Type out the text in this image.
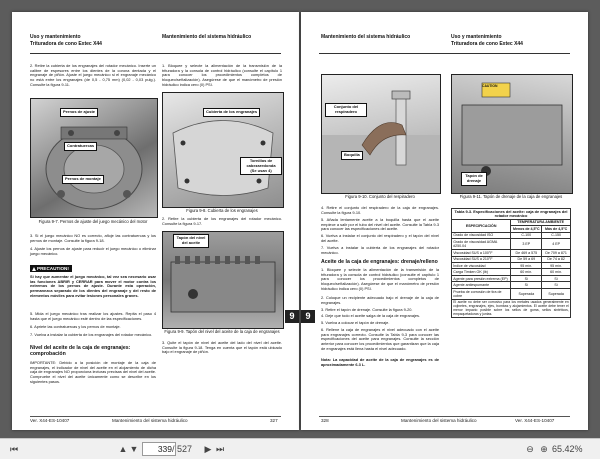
Uso y mantenimiento
Trituradora de cono Extec X44
Mantenimiento del sistema hidráulico
2. Retire la cubierta de los engranajes del rotador mecánico. Inserte un calibre de espesores entre los dientes de la corona dentada y el engranaje de piñón. Ajuste el juego mecánico si el engranaje mecánico no está entre los engranajes (de 0,5 - 0,75 mm) (0,02 - 0,03 pulg.). Consulte la figura 9-11.
Pernos de ajuste
Contratuercas
Pernos de montaje
Figura 9-7. Pernos de ajuste del juego mecánico del motor
3. Si el juego mecánico NO es correcto, afloje las contratuercas y los pernos de montaje. Consulte la figura 9-18.
4. Ajuste los pernos de ajuste para reducir el juego mecánico o eliminar juego mecánico.
PRECAUTION!
Si hay que aumentar el juego mecánico, tal vez sea necesario usar las funciones ABRIR y CERRAR para mover el motor contra los extremos de los pernos de ajuste. Durante esta operación, permanezca separado de los dientes del engranaje y del resto de elementos móviles para evitar lesiones personales graves.
5. Mida el juego mecánico tras realizar los ajustes. Repita el paso 4 hasta que el juego mecánico esté dentro de las especificaciones.
6. Apriete las contratuercas y los pernos de montaje.
7. Vuelva a instalar la cubierta de los engranajes del rotador mecánico.
Nivel del aceite de la caja de engranajes: comprobación
IMPORTANTE: Debido a la posición de montaje de la caja de engranajes, el indicador de nivel del aceite en el alojamiento de dicha caja de engranajes NO proporciona lecturas precisas del nivel del aceite. Compruebe el nivel del aceite únicamente como se describe en los siguientes pasos.
1. Bloquee y selecte la alimentación de la transmisión de la trituradora y la consola de control hidráulico (consulte el capítulo 1 para conocer los procedimientos completos de bloqueo/señalización). Asegúrese de que el manómetro de presión hidráulico indica cero (0) PSI.
Cubierta de los engranajes
Tornillos de cabezaredonda (Se usan 4)
Figura 9-8. Cubierta de los engranajes
2. Retire la cubierta de los engranajes del rotador mecánico. Consulte la figura 9-17.
Tapón del nivel del aceite
Figura 9-9. Tapón del nivel del aceite de la caja de engranajes
3. Quite el tapón de nivel del aceite del lado del nivel del aceite. Consulte la figura 9-18. Tenga en cuenta que el tapón está ubicado bajo el engranaje de piñón.
Ver. X44-ES-10407	Mantenimiento del sistema hidráulico	327
9
Mantenimiento del sistema hidráulico	Uso y mantenimiento
Trituradora de cono Extec X44
9
Conjunto del respiradero
Boquilla
Figura 9-10. Conjunto del respiradero
CAUTION
Tapón de drenaje
Figura 9-11. Tapón de drenaje de la caja de engranajes
4. Retire el conjunto del respiradero de la caja de engranajes. Consulte la figura 9-10.
5. Añada lentamente aceite a la boquilla hasta que el aceite empiece a salir por el tubo del nivel del aceite. Consulte la Tabla 9-3 para conocer las especificaciones del aceite.
6. Vuelva a instalar el conjunto del respiradero y el tapón del nivel del aceite.
7. Vuelva a instalar la cubierta de los engranajes del rotador mecánico.
Aceite de la caja de engranajes: drenaje/relleno
1. Bloquee y selecte la alimentación de la transmisión de la trituradora y la consola de control hidráulico (consulte el capítulo 1 para conocer los procedimientos completos de bloqueo/señalización). Asegúrese de que el manómetro de presión hidráulico indica cero (0) PSI.
2. Coloque un recipiente adecuado bajo el drenaje de la caja de engranajes.
3. Retire el tapón de drenaje. Consulte la figura 9-20.
4. Deje que todo el aceite salga de la caja de engranajes.
5. Vuelva a colocar el tapón de drenaje.
6. Rellene la caja de engranajes el nivel adecuado con el aceite para engranajes correcto. Consulte la Tabla 9-3 para conocer las especificaciones del aceite para engranajes. Consulte la sección anterior para conocer los procedimientos que garantizan que la caja de engranajes está llena hasta el nivel adecuado.
Nota: La capacidad de aceite de la caja de engranajes es de aproximadamente 6.3 L.
Tabla 9-3. Especificaciones del aceite: caja de engranajes del rotador mecánico		
ESPECIFICACIÓN	TEMPERATURA AMBIENTE	
	Menos de 4,5°C	Más de 4,5°C
Grado de viscosidad ISO	C-100	C-150
Grado de viscosidad AGMA #250.04	3 EP	4 EP
Viscosidad SUS a 100°F	De 469 a 575	De 709 a 871
Viscosidad SUS a 210°F	De 59 a 69	De 74 a 82
Índice de viscosidad	95 mín.	95 mín.
Carga Timken OK (lb)	60 mín.	60 mín.
Agente para presión extrema (EP)	Sí	Sí
Agente antiespumante	Sí	Sí
Prueba de corrosión de tira de cobre	Superada	Superada
El aceite no debe ser corrosivo para los metales usados generalmente en cojinetes, engranajes, ejes, bombas y alojamientos. El aceite debe tener el menor impacto posible sobre los sellos de goma, sellos sintéticos, empaquetaduras y juntas.		
328	Mantenimiento del sistema hidráulico	Ver. X44-ES-10407
⏮	▲ ▼	339 / 527	▶ ⏭	⊖ ⊕ 65.42%
